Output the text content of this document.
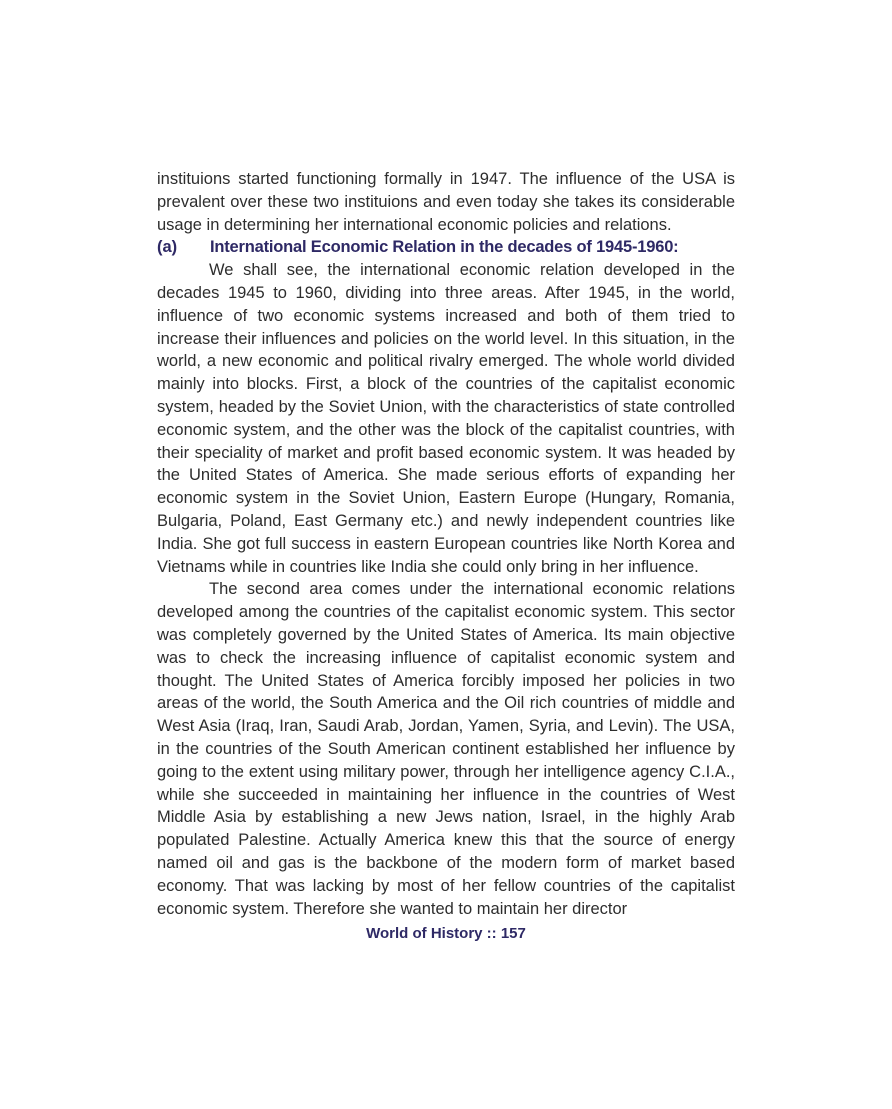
instituions started functioning formally in 1947. The influence of the USA is prevalent over these two instituions and even today she takes its considerable usage in determining her international economic policies and relations.

(a)	International Economic Relation in the decades of 1945-1960:

We shall see, the international economic relation developed in the decades 1945 to 1960, dividing into three areas. After 1945, in the world, influence of two economic systems increased and both of them tried to increase their influences and policies on the world level. In this situation, in the world, a new economic and political rivalry emerged. The whole world divided mainly into blocks. First, a block of the countries of the capitalist economic system, headed by the Soviet Union, with the characteristics of state controlled economic system, and the other was the block of the capitalist countries, with their speciality of market and profit based economic system. It was headed by the United States of America. She made serious efforts of expanding her economic system in the Soviet Union, Eastern Europe (Hungary, Romania, Bulgaria, Poland, East Germany etc.) and newly independent countries like India. She got full success in eastern European countries like North Korea and Vietnams while in countries like India she could only bring in her influence.

The second area comes under the international economic relations developed among the countries of the capitalist economic system. This sector was completely governed by the United States of America. Its main objective was to check the increasing influence of capitalist economic system and thought. The United States of America forcibly imposed her policies in two areas of the world, the South America and the Oil rich countries of middle and West Asia (Iraq, Iran, Saudi Arab, Jordan, Yamen, Syria, and Levin). The USA, in the countries of the South American continent established her influence by going to the extent using military power, through her intelligence agency C.I.A., while she succeeded in maintaining her influence in the countries of West Middle Asia by establishing a new Jews nation, Israel, in the highly Arab populated Palestine. Actually America knew this that the source of energy named oil and gas is the backbone of the modern form of market based economy. That was lacking by most of her fellow countries of the capitalist economic system. Therefore she wanted to maintain her director

World of History :: 157
